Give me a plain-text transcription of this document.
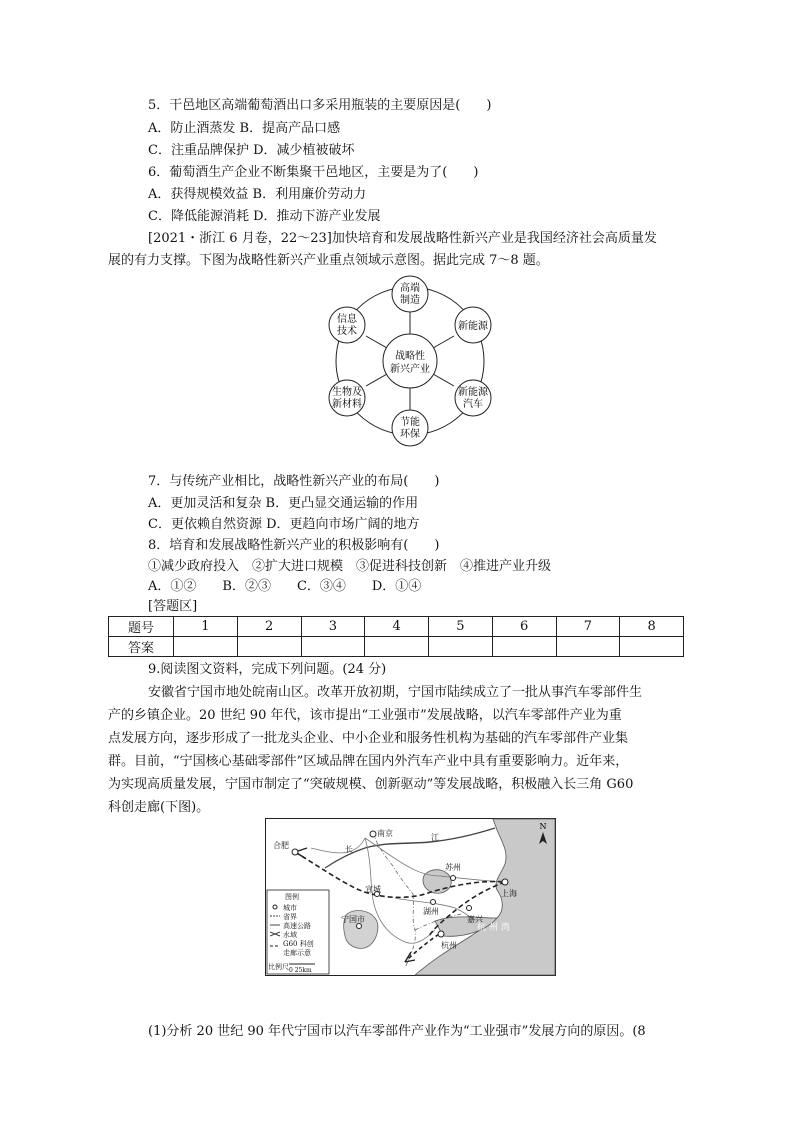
5．干邑地区高端葡萄酒出口多采用瓶装的主要原因是(　　)
A．防止酒蒸发 B．提高产品口感
C．注重品牌保护 D．减少植被破坏
6．葡萄酒生产企业不断集聚干邑地区，主要是为了(　　)
A．获得规模效益 B．利用廉价劳动力
C．降低能源消耗 D．推动下游产业发展
[2021・浙江 6 月卷，22～23]加快培育和发展战略性新兴产业是我国经济社会高质量发
展的有力支撑。下图为战略性新兴产业重点领域示意图。据此完成 7～8 题。
战略性
新兴产业
高端
制造
新能源
新能源
汽车
节能
环保
生物及
新材料
信息
技术
7．与传统产业相比，战略性新兴产业的布局(　　)
A．更加灵活和复杂 B．更凸显交通运输的作用
C．更依赖自然资源 D．更趋向市场广阔的地方
8．培育和发展战略性新兴产业的积极影响有(　　)
①减少政府投入　②扩大进口规模　③促进科技创新　④推进产业升级
A．①②　　B．②③　　C．③④　　D．①④
[答题区]
题号	1	2	3	4	5	6	7	8
答案								
9.阅读图文资料，完成下列问题。(24 分)
安徽省宁国市地处皖南山区。改革开放初期，宁国市陆续成立了一批从事汽车零部件生
产的乡镇企业。20 世纪 90 年代，该市提出“工业强市”发展战略，以汽车零部件产业为重
点发展方向，逐步形成了一批龙头企业、中小企业和服务性机构为基础的汽车零部件产业集
群。目前，“宁国核心基础零部件”区域品牌在国内外汽车产业中具有重要影响力。近年来，
为实现高质量发展，宁国市制定了“突破规模、创新驱动”等发展战略，积极融入长三角 G60
科创走廊(下图)。
合肥
南京
苏州
上海
宣城
湖州
嘉兴
宁国市
杭州
长
江
杭 州 湾
N
图例
城市
省界
高速公路
水域
G60 科创
走廊示意
比例尺 0 25km
(1)分析 20 世纪 90 年代宁国市以汽车零部件产业作为“工业强市”发展方向的原因。(8
